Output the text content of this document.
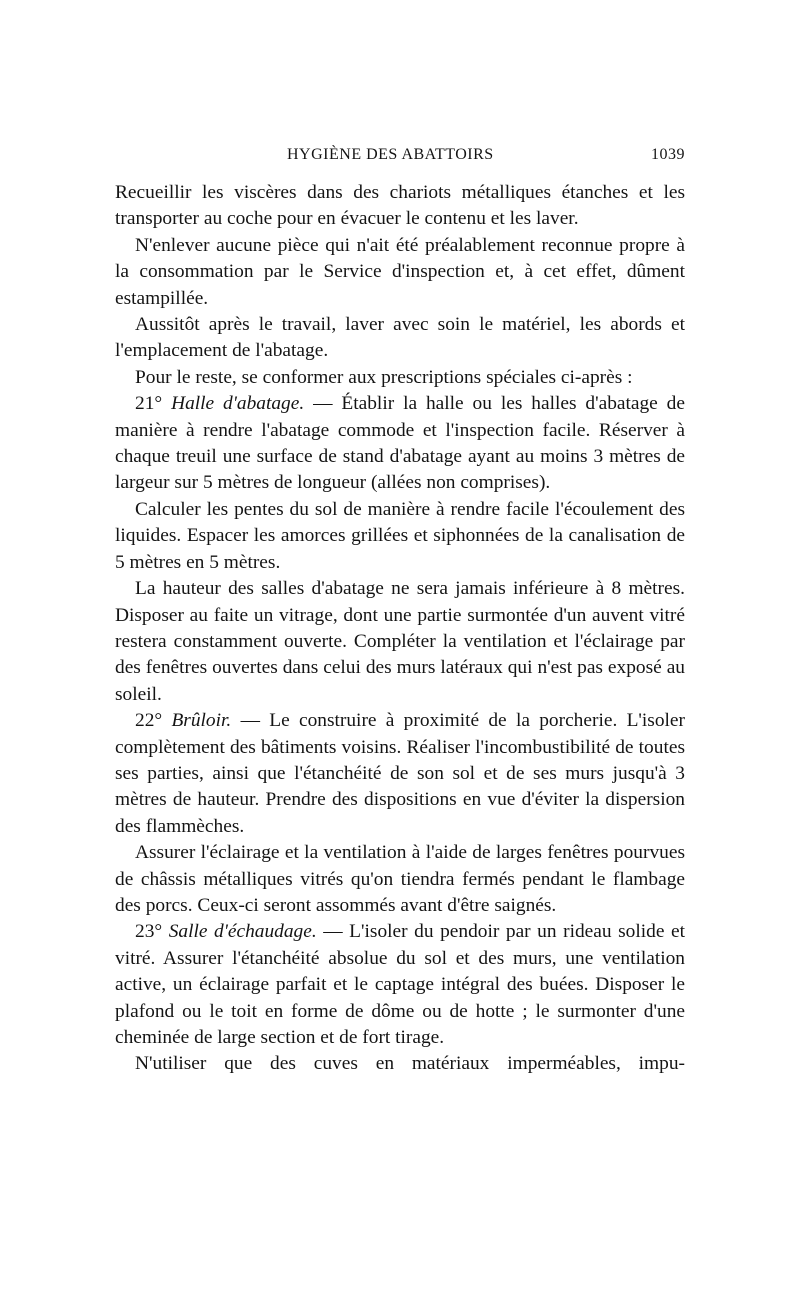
HYGIÈNE DES ABATTOIRS	1039

Recueillir les viscères dans des chariots métalliques étanches et les transporter au coche pour en évacuer le contenu et les laver.

N'enlever aucune pièce qui n'ait été préalablement reconnue propre à la consommation par le Service d'inspection et, à cet effet, dûment estampillée.

Aussitôt après le travail, laver avec soin le matériel, les abords et l'emplacement de l'abatage.

Pour le reste, se conformer aux prescriptions spéciales ci-après :

21° Halle d'abatage. — Établir la halle ou les halles d'abatage de manière à rendre l'abatage commode et l'inspection facile. Réserver à chaque treuil une surface de stand d'abatage ayant au moins 3 mètres de largeur sur 5 mètres de longueur (allées non comprises).

Calculer les pentes du sol de manière à rendre facile l'écoulement des liquides. Espacer les amorces grillées et siphonnées de la canalisation de 5 mètres en 5 mètres.

La hauteur des salles d'abatage ne sera jamais inférieure à 8 mètres. Disposer au faite un vitrage, dont une partie surmontée d'un auvent vitré restera constamment ouverte. Compléter la ventilation et l'éclairage par des fenêtres ouvertes dans celui des murs latéraux qui n'est pas exposé au soleil.

22° Brûloir. — Le construire à proximité de la porcherie. L'isoler complètement des bâtiments voisins. Réaliser l'incombustibilité de toutes ses parties, ainsi que l'étanchéité de son sol et de ses murs jusqu'à 3 mètres de hauteur. Prendre des dispositions en vue d'éviter la dispersion des flammèches.

Assurer l'éclairage et la ventilation à l'aide de larges fenêtres pourvues de châssis métalliques vitrés qu'on tiendra fermés pendant le flambage des porcs. Ceux-ci seront assommés avant d'être saignés.

23° Salle d'échaudage. — L'isoler du pendoir par un rideau solide et vitré. Assurer l'étanchéité absolue du sol et des murs, une ventilation active, un éclairage parfait et le captage intégral des buées. Disposer le plafond ou le toit en forme de dôme ou de hotte ; le surmonter d'une cheminée de large section et de fort tirage.

N'utiliser que des cuves en matériaux imperméables, impu-
